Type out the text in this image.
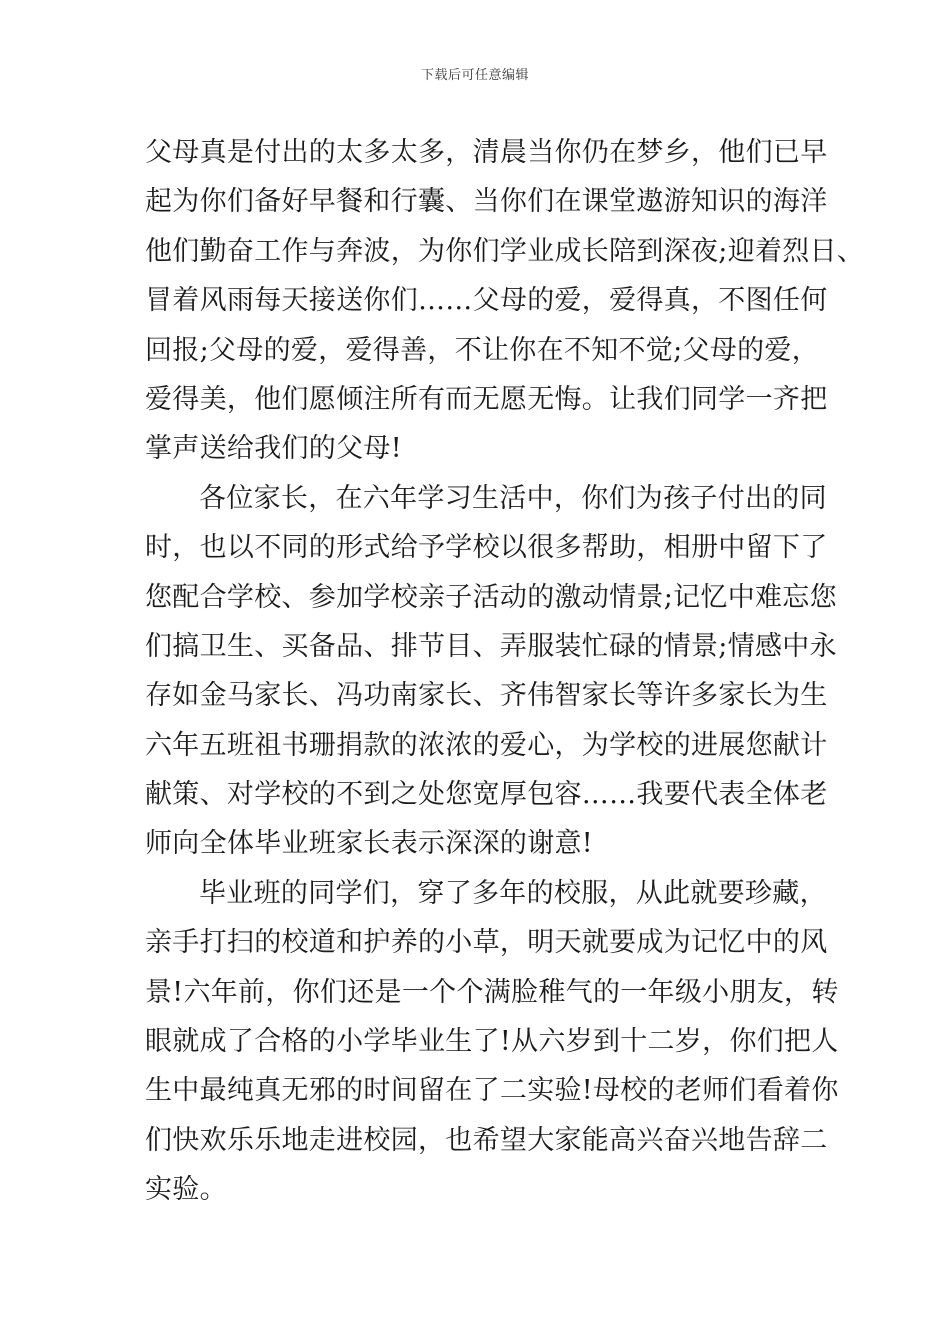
下载后可任意编辑
父母真是付出的太多太多，清晨当你仍在梦乡，他们已早
起为你们备好早餐和行囊、当你们在课堂遨游知识的海洋
他们勤奋工作与奔波，为你们学业成长陪到深夜;迎着烈日、
冒着风雨每天接送你们……父母的爱，爱得真，不图任何
回报;父母的爱，爱得善，不让你在不知不觉;父母的爱，
爱得美，他们愿倾注所有而无愿无悔。让我们同学一齐把
掌声送给我们的父母!
各位家长，在六年学习生活中，你们为孩子付出的同
时，也以不同的形式给予学校以很多帮助，相册中留下了
您配合学校、参加学校亲子活动的激动情景;记忆中难忘您
们搞卫生、买备品、排节目、弄服装忙碌的情景;情感中永
存如金马家长、冯功南家长、齐伟智家长等许多家长为生
六年五班祖书珊捐款的浓浓的爱心，为学校的进展您献计
献策、对学校的不到之处您宽厚包容……我要代表全体老
师向全体毕业班家长表示深深的谢意!
毕业班的同学们，穿了多年的校服，从此就要珍藏，
亲手打扫的校道和护养的小草，明天就要成为记忆中的风
景!六年前，你们还是一个个满脸稚气的一年级小朋友，转
眼就成了合格的小学毕业生了!从六岁到十二岁，你们把人
生中最纯真无邪的时间留在了二实验!母校的老师们看着你
们快欢乐乐地走进校园，也希望大家能高兴奋兴地告辞二
实验。
